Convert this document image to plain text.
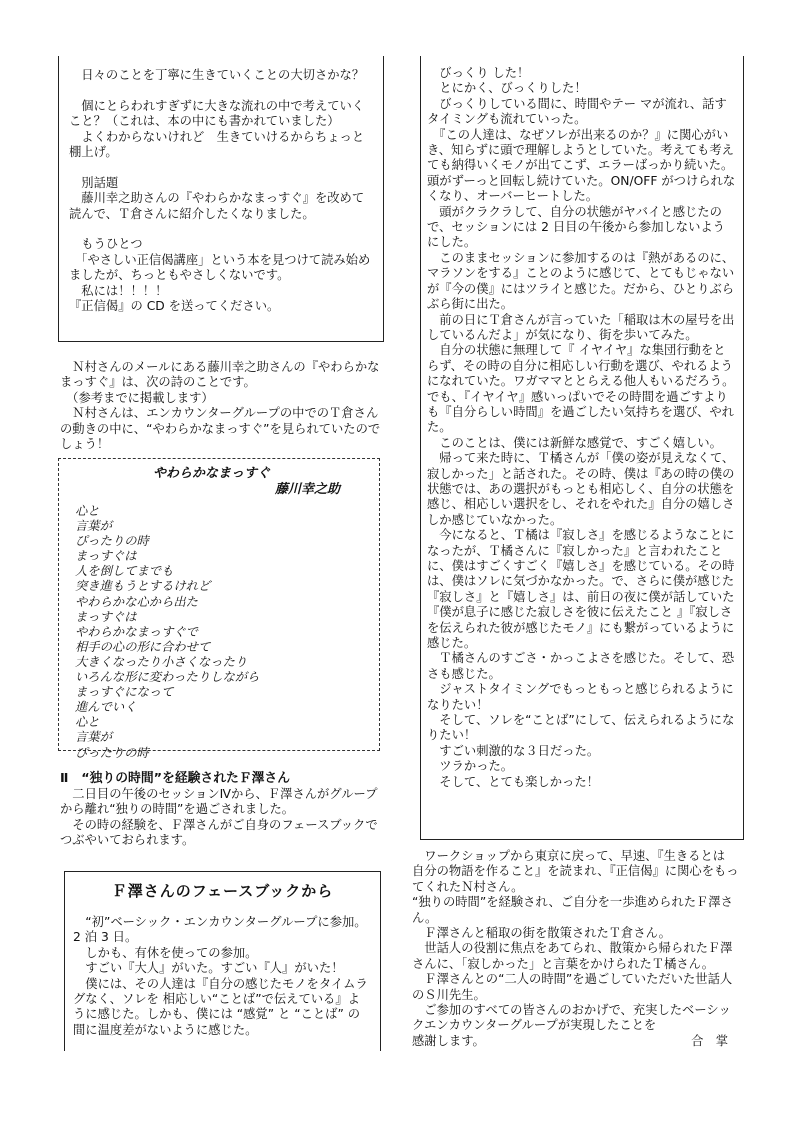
　日々のことを丁寧に生きていくことの大切さかな？

　個にとらわれすぎずに大きな流れの中で考えていくこと？（これは、本の中にも書かれていました）
　よくわからないけれど　生きていけるからちょっと棚上げ。

　別話題
　藤川幸之助さんの『やわらかなまっすぐ』を改めて読んで、Ｔ倉さんに紹介したくなりました。

　もうひとつ
　「やさしい正信偈講座」という本を見つけて読み始めましたが、ちっともやさしくないです。
　私には！！！！
『正信偈』の CD を送ってください。

　Ｎ村さんのメールにある藤川幸之助さんの『やわらかなまっすぐ』は、次の詩のことです。
　（参考までに掲載します）
　Ｎ村さんは、エンカウンターグループの中でのＴ倉さんの動きの中に、“やわらかなまっすぐ”を見られていたのでしょう！

やわらかなまっすぐ

藤川幸之助

心と
言葉が
ぴったりの時
まっすぐは
人を倒してまでも
突き進もうとするけれど
やわらかな心から出た
まっすぐは
やわらかなまっすぐで
相手の心の形に合わせて
大きくなったり小さくなったり
いろんな形に変わったりしながら
まっすぐになって
進んでいく
心と
言葉が
ぴったりの時

Ⅱ　“独りの時間”を経験されたＦ澤さん

　二日目の午後のセッションⅣから、Ｆ澤さんがグループから離れ“独りの時間”を過ごされました。
　その時の経験を、Ｆ澤さんがご自身のフェースブックでつぶやいておられます。

Ｆ澤さんのフェースブックから

　“初”ベーシック・エンカウンターグループに参加。2 泊 3 日。
　しかも、有休を使っての参加。
　すごい『大人』がいた。すごい『人』がいた！
　僕には、その人達は『自分の感じたモノをタイムラグなく、ソレを 相応しい“ことば”で伝えている』ように感じた。しかも、僕には “感覚” と “ことば” の間に温度差がないように感じた。

　びっくり した！
　とにかく、びっくりした！
　びっくりしている間に、時間やテー マが流れ、話すタイミングも流れていった。
　『この人達は、なぜソレが出来るのか？』に関心がいき、知らずに頭で理解しようとしていた。考えても考えても納得いくモノが出てこず、エラーばっかり続いた。頭がずーっと回転し続けていた。ON/OFF がつけられなくなり、オーバーヒートした。
　頭がクラクラして、自分の状態がヤバイと感じたので、セッションには 2 日目の午後から参加しないようにした。
　このままセッションに参加するのは『熱があるのに、マラソンをする』ことのように感じて、とてもじゃないが『今の僕』にはツライと感じた。だから、ひとりぶらぶら街に出た。
　前の日にＴ倉さんが言っていた「稲取は木の屋号を出しているんだよ」が気になり、街を歩いてみた。
　自分の状態に無理して『 イヤイヤ』な集団行動をとらず、その時の自分に相応しい行動を選び、やれるようになれていた。ワガママととらえる他人もいるだろう。でも、『イヤイヤ』感いっぱいでその時間を過ごすよりも『自分らしい時間』を過ごしたい気持ちを選び、やれた。
　このことは、僕には新鮮な感覚で、すごく嬉しい。
　帰って来た時に、Ｔ橘さんが「僕の姿が見えなくて、寂しかった」と話された。その時、僕は『あの時の僕の状態では、あの選択がもっとも相応しく、自分の状態を感じ、相応しい選択をし、それをやれた』自分の嬉しさしか感じていなかった。
　今になると、Ｔ橘は『寂しさ』を感じるようなことになったが、Ｔ橘さんに『寂しかった』と言われたことに、僕はすごくすごく『嬉しさ』を感じている。その時は、僕はソレに気づかなかった。で、さらに僕が感じた『寂しさ』と『嬉しさ』は、前日の夜に僕が話していた『僕が息子に感じた寂しさを彼に伝えたこと 』『寂しさを伝えられた彼が感じたモノ』にも繋がっているように感じた。
　Ｔ橘さんのすごさ・かっこよさを感じた。そして、恐さも感じた。
　ジャストタイミングでもっともっと感じられるようになりたい！
　そして、ソレを“ことば”にして、伝えられるようになりたい！
　すごい刺激的な３日だった。
　ツラかった。
　そして、とても楽しかった！

　ワークショップから東京に戻って、早速、『生きるとは　自分の物語を作ること』を読まれ、『正信偈』に関心をもってくれたＮ村さん。
“独りの時間”を経験され、ご自分を一歩進められたＦ澤さん。
　Ｆ澤さんと稲取の街を散策されたＴ倉さん。
　世話人の役割に焦点をあてられ、散策から帰られたＦ澤さんに、「寂しかった」と言葉をかけられたＴ橘さん。
　Ｆ澤さんとの“二人の時間”を過ごしていただいた世話人のＳ川先生。
　ご参加のすべての皆さんのおかげで、充実したベーシックエンカウンターグループが実現したことを

感謝します。	合　掌
